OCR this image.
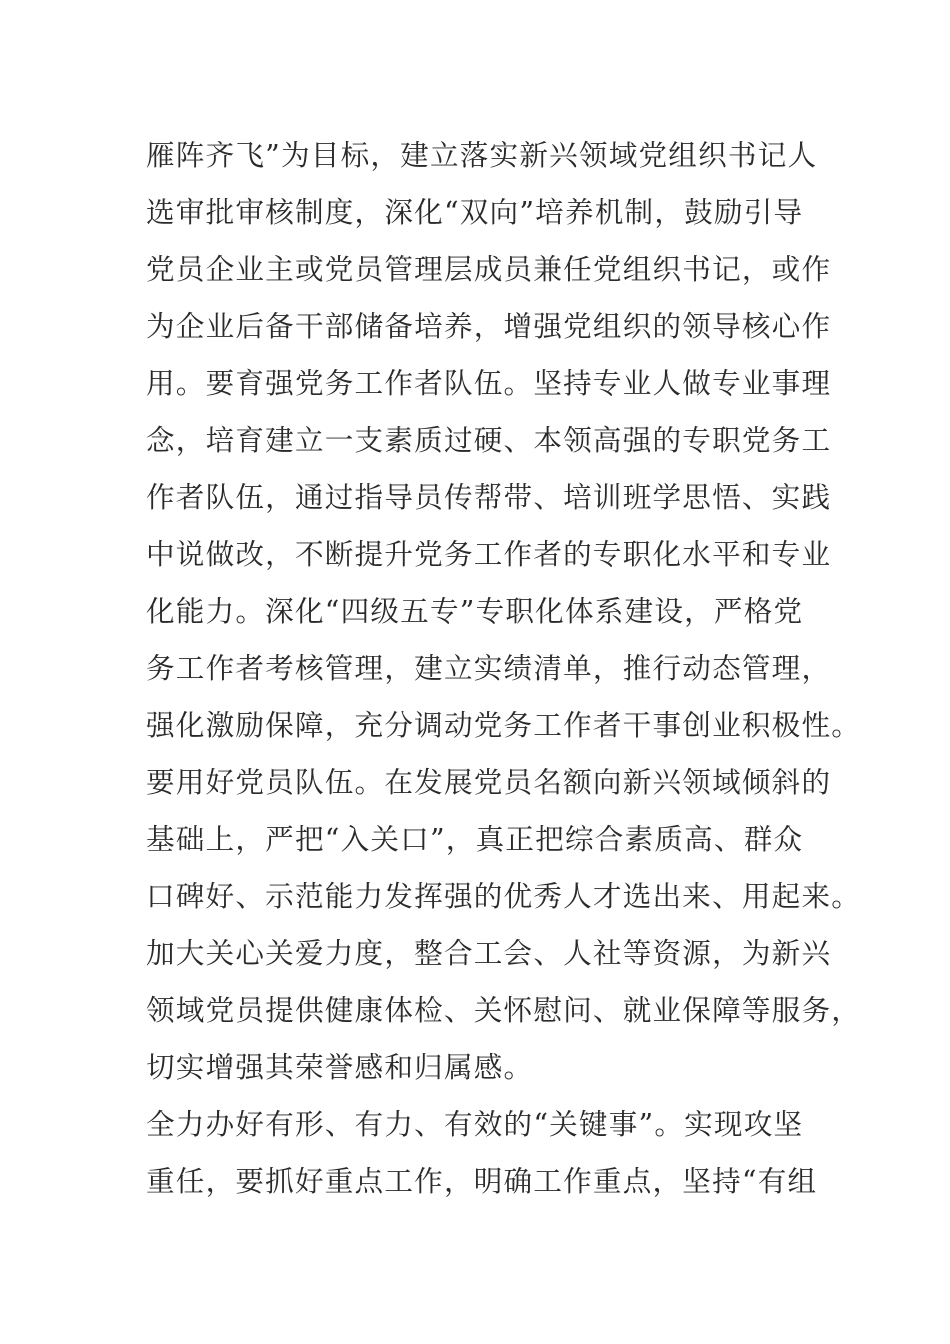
雁阵齐飞”为目标，建立落实新兴领域党组织书记人
选审批审核制度，深化“双向”培养机制，鼓励引导
党员企业主或党员管理层成员兼任党组织书记，或作
为企业后备干部储备培养，增强党组织的领导核心作
用。要育强党务工作者队伍。坚持专业人做专业事理
念，培育建立一支素质过硬、本领高强的专职党务工
作者队伍，通过指导员传帮带、培训班学思悟、实践
中说做改，不断提升党务工作者的专职化水平和专业
化能力。深化“四级五专”专职化体系建设，严格党
务工作者考核管理，建立实绩清单，推行动态管理，
强化激励保障，充分调动党务工作者干事创业积极性。
要用好党员队伍。在发展党员名额向新兴领域倾斜的
基础上，严把“入关口”，真正把综合素质高、群众
口碑好、示范能力发挥强的优秀人才选出来、用起来。
加大关心关爱力度，整合工会、人社等资源，为新兴
领域党员提供健康体检、关怀慰问、就业保障等服务，
切实增强其荣誉感和归属感。
全力办好有形、有力、有效的“关键事”。实现攻坚
重任，要抓好重点工作，明确工作重点，坚持“有组
